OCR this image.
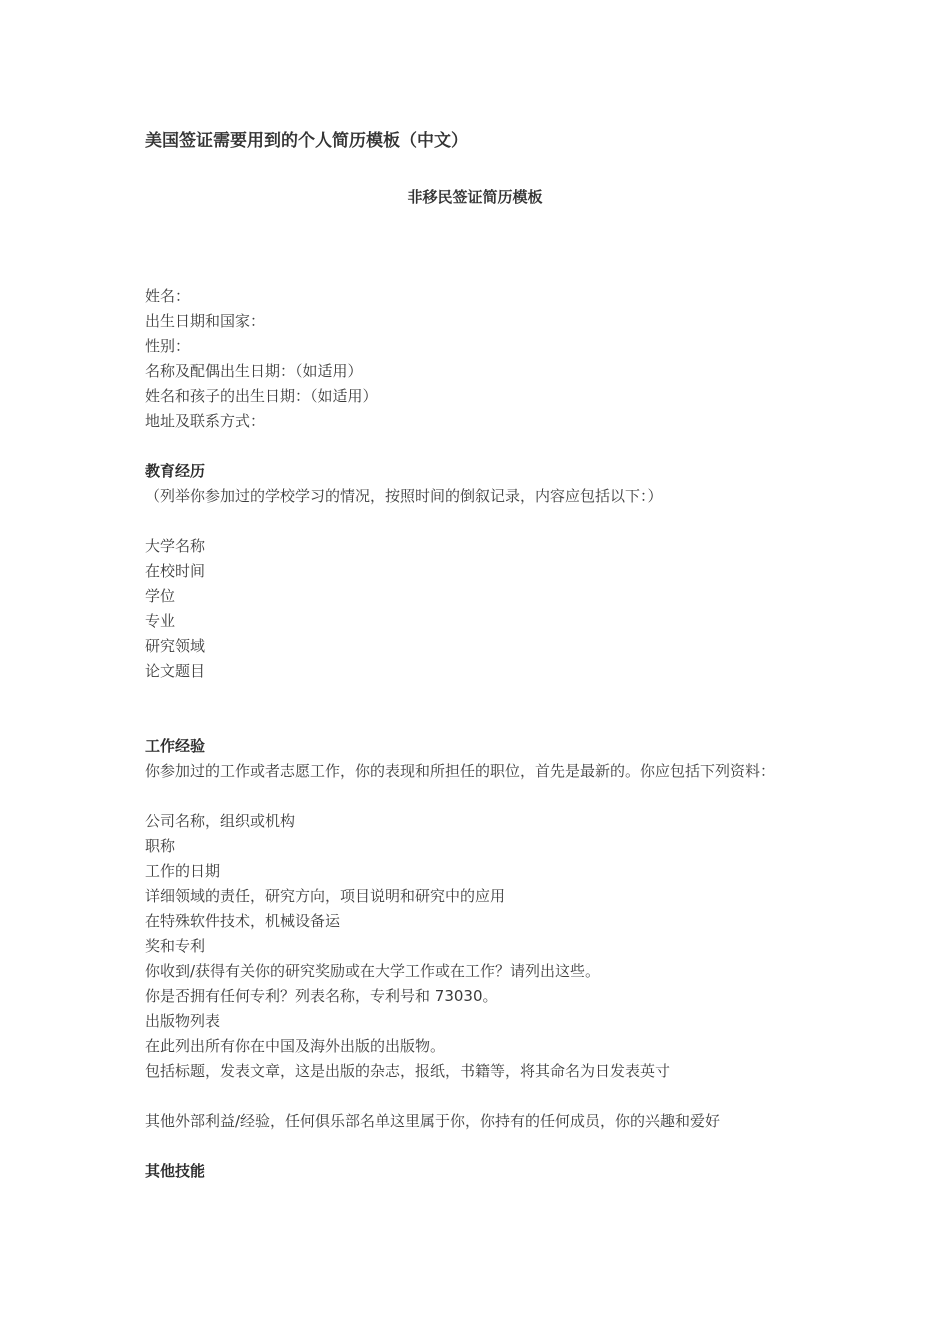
美国签证需要用到的个人简历模板（中文）
非移民签证简历模板
姓名：
出生日期和国家：
性别：
名称及配偶出生日期：（如适用）
姓名和孩子的出生日期：（如适用）
地址及联系方式：
教育经历
（列举你参加过的学校学习的情况，按照时间的倒叙记录，内容应包括以下：）
大学名称
在校时间
学位
专业
研究领域
论文题目
工作经验
你参加过的工作或者志愿工作，你的表现和所担任的职位，首先是最新的。你应包括下列资料：
公司名称，组织或机构
职称
工作的日期
详细领域的责任，研究方向，项目说明和研究中的应用
在特殊软件技术，机械设备运
奖和专利
你收到/获得有关你的研究奖励或在大学工作或在工作？请列出这些。
你是否拥有任何专利？列表名称，专利号和 73030。
出版物列表
在此列出所有你在中国及海外出版的出版物。
包括标题，发表文章，这是出版的杂志，报纸，书籍等，将其命名为日发表英寸
其他外部利益/经验，任何俱乐部名单这里属于你，你持有的任何成员，你的兴趣和爱好
其他技能
